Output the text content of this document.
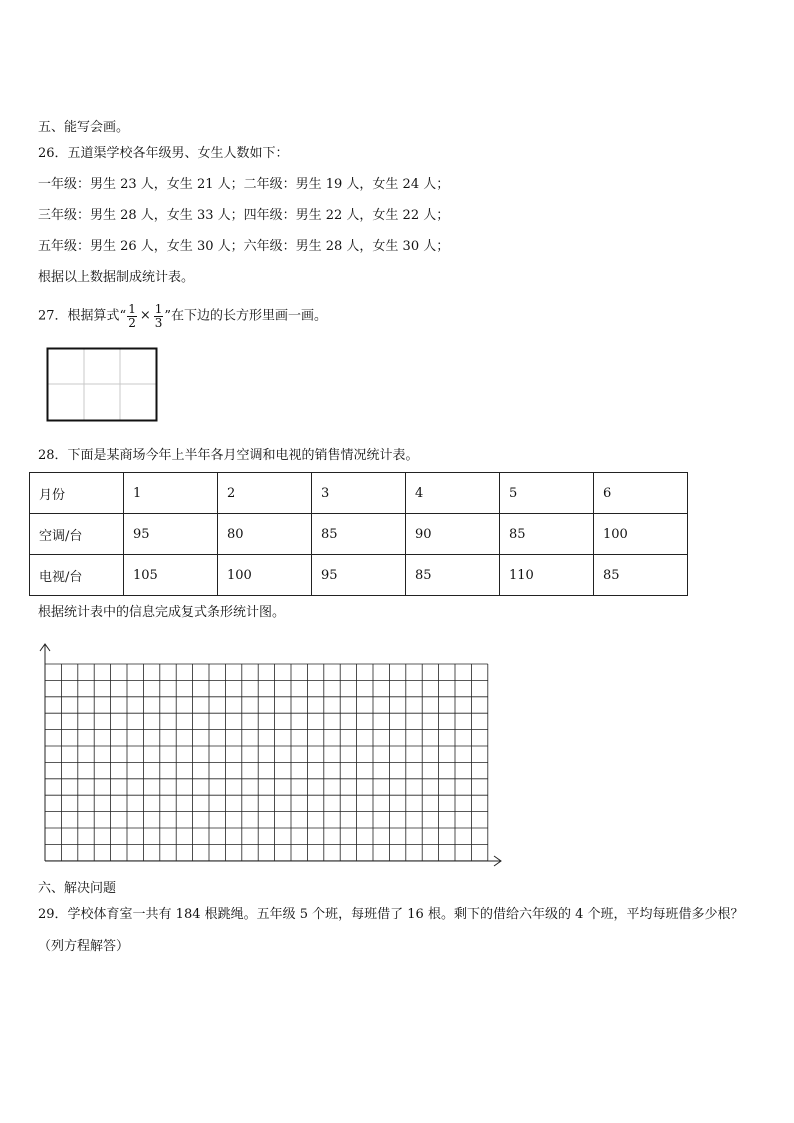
五、能写会画。
26．五道渠学校各年级男、女生人数如下：
一年级：男生 23 人，女生 21 人；二年级：男生 19 人，女生 24 人；
三年级：男生 28 人，女生 33 人；四年级：男生 22 人，女生 22 人；
五年级：男生 26 人，女生 30 人；六年级：男生 28 人，女生 30 人；
根据以上数据制成统计表。
27．根据算式“ $\frac{1}{2} \times \frac{1}{3}$ ”在下边的长方形里画一画。
28．下面是某商场今年上半年各月空调和电视的销售情况统计表。
月份	1	2	3	4	5	6
空调/台	95	80	85	90	85	100
电视/台	105	100	95	85	110	85
根据统计表中的信息完成复式条形统计图。
六、解决问题
29．学校体育室一共有 184 根跳绳。五年级 5 个班，每班借了 16 根。剩下的借给六年级的 4 个班，平均每班借多少根？
（列方程解答）
